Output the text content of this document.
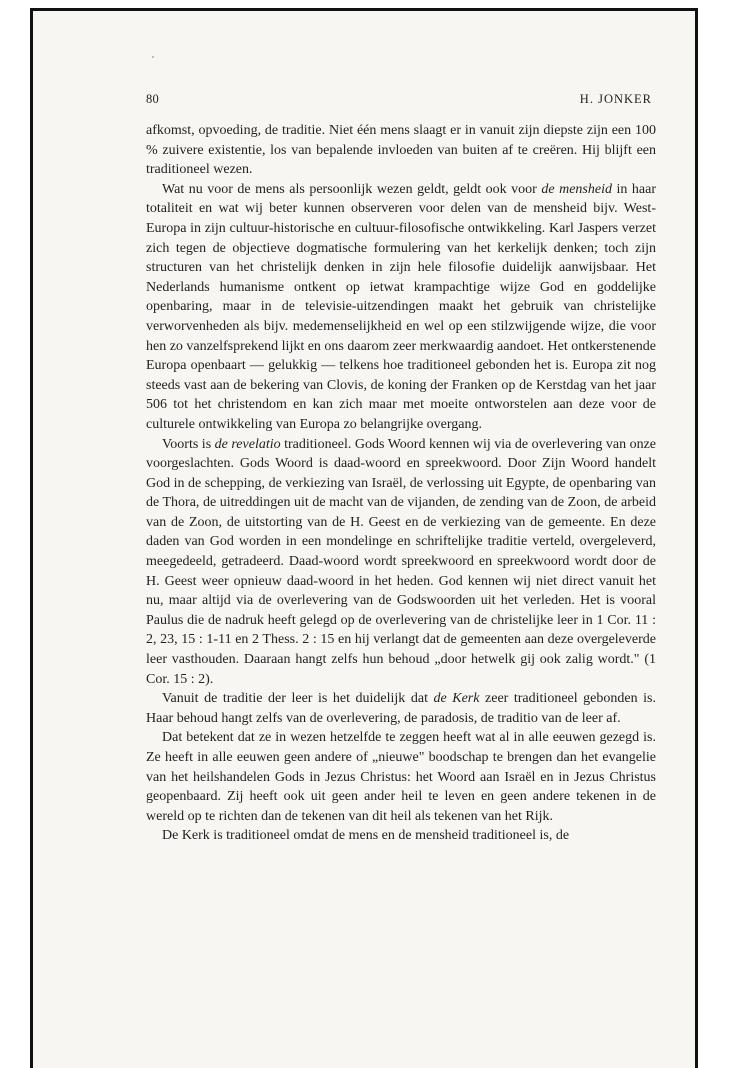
80	H. JONKER

afkomst, opvoeding, de traditie. Niet één mens slaagt er in vanuit zijn diepste zijn een 100 % zuivere existentie, los van bepalende invloeden van buiten af te creëren. Hij blijft een traditioneel wezen.

Wat nu voor de mens als persoonlijk wezen geldt, geldt ook voor de mensheid in haar totaliteit en wat wij beter kunnen observeren voor delen van de mensheid bijv. West-Europa in zijn cultuur-historische en cultuur-filosofische ontwikkeling. Karl Jaspers verzet zich tegen de objectieve dogmatische formulering van het kerkelijk denken; toch zijn structuren van het christelijk denken in zijn hele filosofie duidelijk aanwijsbaar. Het Nederlands humanisme ontkent op ietwat krampachtige wijze God en goddelijke openbaring, maar in de televisie-uitzendingen maakt het gebruik van christelijke verworvenheden als bijv. medemenselijkheid en wel op een stilzwijgende wijze, die voor hen zo vanzelfsprekend lijkt en ons daarom zeer merkwaardig aandoet. Het ontkerstenende Europa openbaart — gelukkig — telkens hoe traditioneel gebonden het is. Europa zit nog steeds vast aan de bekering van Clovis, de koning der Franken op de Kerstdag van het jaar 506 tot het christendom en kan zich maar met moeite ontworstelen aan deze voor de culturele ontwikkeling van Europa zo belangrijke overgang.

Voorts is de revelatio traditioneel. Gods Woord kennen wij via de overlevering van onze voorgeslachten. Gods Woord is daad-woord en spreekwoord. Door Zijn Woord handelt God in de schepping, de verkiezing van Israël, de verlossing uit Egypte, de openbaring van de Thora, de uitreddingen uit de macht van de vijanden, de zending van de Zoon, de arbeid van de Zoon, de uitstorting van de H. Geest en de verkiezing van de gemeente. En deze daden van God worden in een mondelinge en schriftelijke traditie verteld, overgeleverd, meegedeeld, getradeerd. Daad-woord wordt spreekwoord en spreekwoord wordt door de H. Geest weer opnieuw daad-woord in het heden. God kennen wij niet direct vanuit het nu, maar altijd via de overlevering van de Godswoorden uit het verleden. Het is vooral Paulus die de nadruk heeft gelegd op de overlevering van de christelijke leer in 1 Cor. 11 : 2, 23, 15 : 1-11 en 2 Thess. 2 : 15 en hij verlangt dat de gemeenten aan deze overgeleverde leer vasthouden. Daaraan hangt zelfs hun behoud „door hetwelk gij ook zalig wordt." (1 Cor. 15 : 2).

Vanuit de traditie der leer is het duidelijk dat de Kerk zeer traditioneel gebonden is. Haar behoud hangt zelfs van de overlevering, de paradosis, de traditio van de leer af.

Dat betekent dat ze in wezen hetzelfde te zeggen heeft wat al in alle eeuwen gezegd is. Ze heeft in alle eeuwen geen andere of „nieuwe" boodschap te brengen dan het evangelie van het heilshandelen Gods in Jezus Christus: het Woord aan Israël en in Jezus Christus geopenbaard. Zij heeft ook uit geen ander heil te leven en geen andere tekenen in de wereld op te richten dan de tekenen van dit heil als tekenen van het Rijk.

De Kerk is traditioneel omdat de mens en de mensheid traditioneel is, de
